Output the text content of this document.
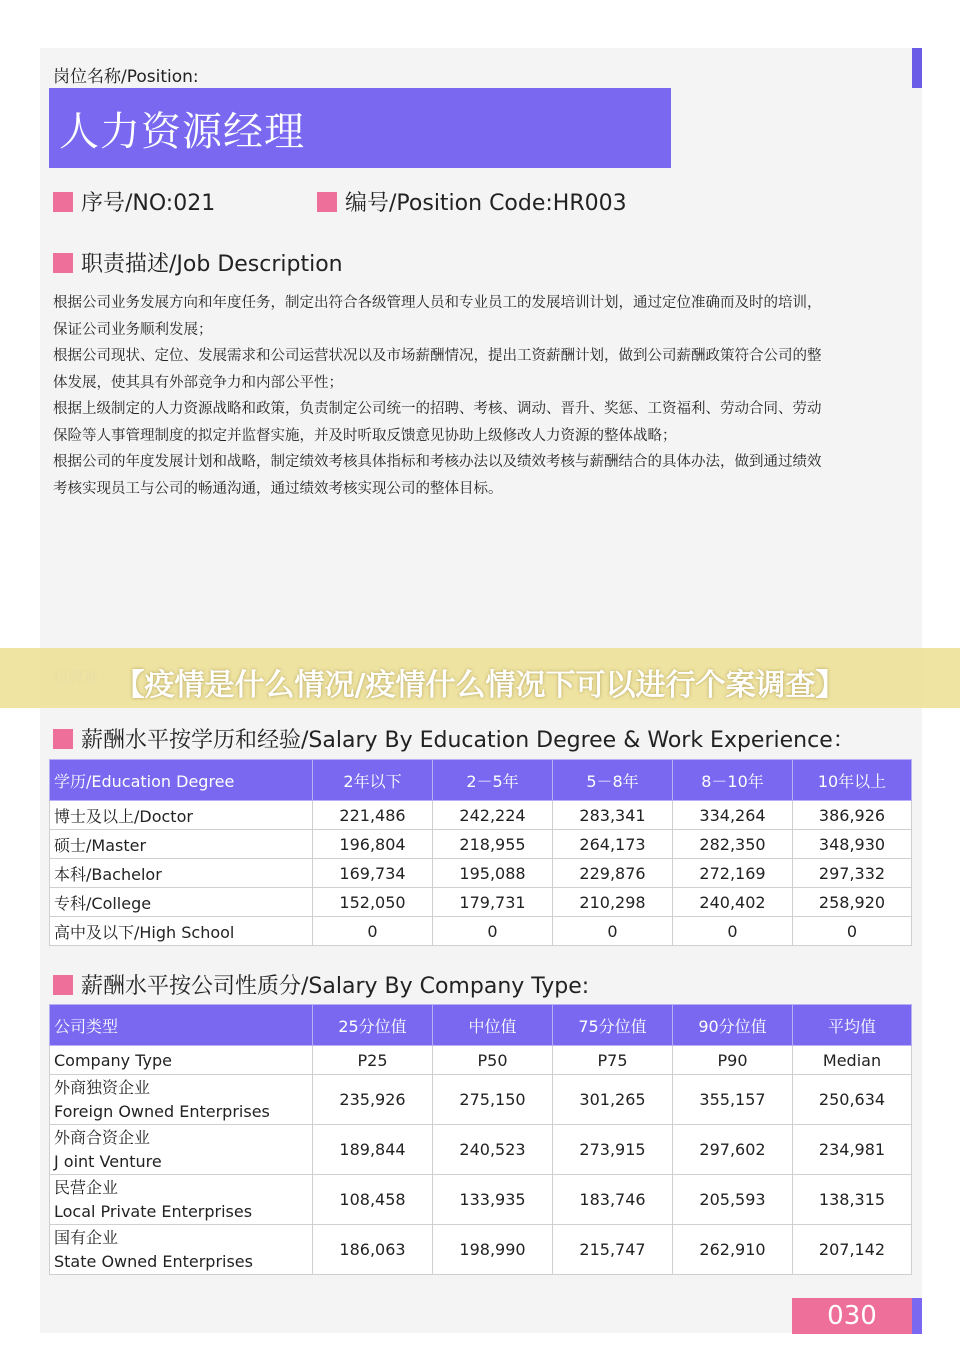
岗位名称/Position:
人力资源经理
序号/NO:021	编号/Position Code:HR003
职责描述/Job Description

根据公司业务发展方向和年度任务，制定出符合各级管理人员和专业员工的发展培训计划，通过定位准确而及时的培训，

保证公司业务顺利发展；

根据公司现状、定位、发展需求和公司运营状况以及市场薪酬情况，提出工资薪酬计划，做到公司薪酬政策符合公司的整

体发展，使其具有外部竞争力和内部公平性；

根据上级制定的人力资源战略和政策，负责制定公司统一的招聘、考核、调动、晋升、奖惩、工资福利、劳动合同、劳动

保险等人事管理制度的拟定并监督实施，并及时听取反馈意见协助上级修改人力资源的整体战略；

根据公司的年度发展计划和战略，制定绩效考核具体指标和考核办法以及绩效考核与薪酬结合的具体办法，做到通过绩效

考核实现员工与公司的畅通沟通，通过绩效考核实现公司的整体目标。

【疫情是什么情况/疫情什么情况下可以进行个案调查】
薪酬水平按学历和经验/Salary By Education Degree & Work Experience：
学历/Education Degree	2年以下	2－5年	5－8年	8－10年	10年以上
博士及以上/Doctor	221,486	242,224	283,341	334,264	386,926
硕士/Master	196,804	218,955	264,173	282,350	348,930
本科/Bachelor	169,734	195,088	229,876	272,169	297,332
专科/College	152,050	179,731	210,298	240,402	258,920
高中及以下/High School	0	0	0	0	0
薪酬水平按公司性质分/Salary By Company Type:
公司类型	25分位值	中位值	75分位值	90分位值	平均值
Company Type	P25	P50	P75	P90	Median

外商独资企业
Foreign Owned Enterprises	235,926	275,150	301,265	355,157	250,634

外商合资企业
J oint Venture	189,844	240,523	273,915	297,602	234,981

民营企业
Local Private Enterprises	108,458	133,935	183,746	205,593	138,315

国有企业
State Owned Enterprises	186,063	198,990	215,747	262,910	207,142
030
